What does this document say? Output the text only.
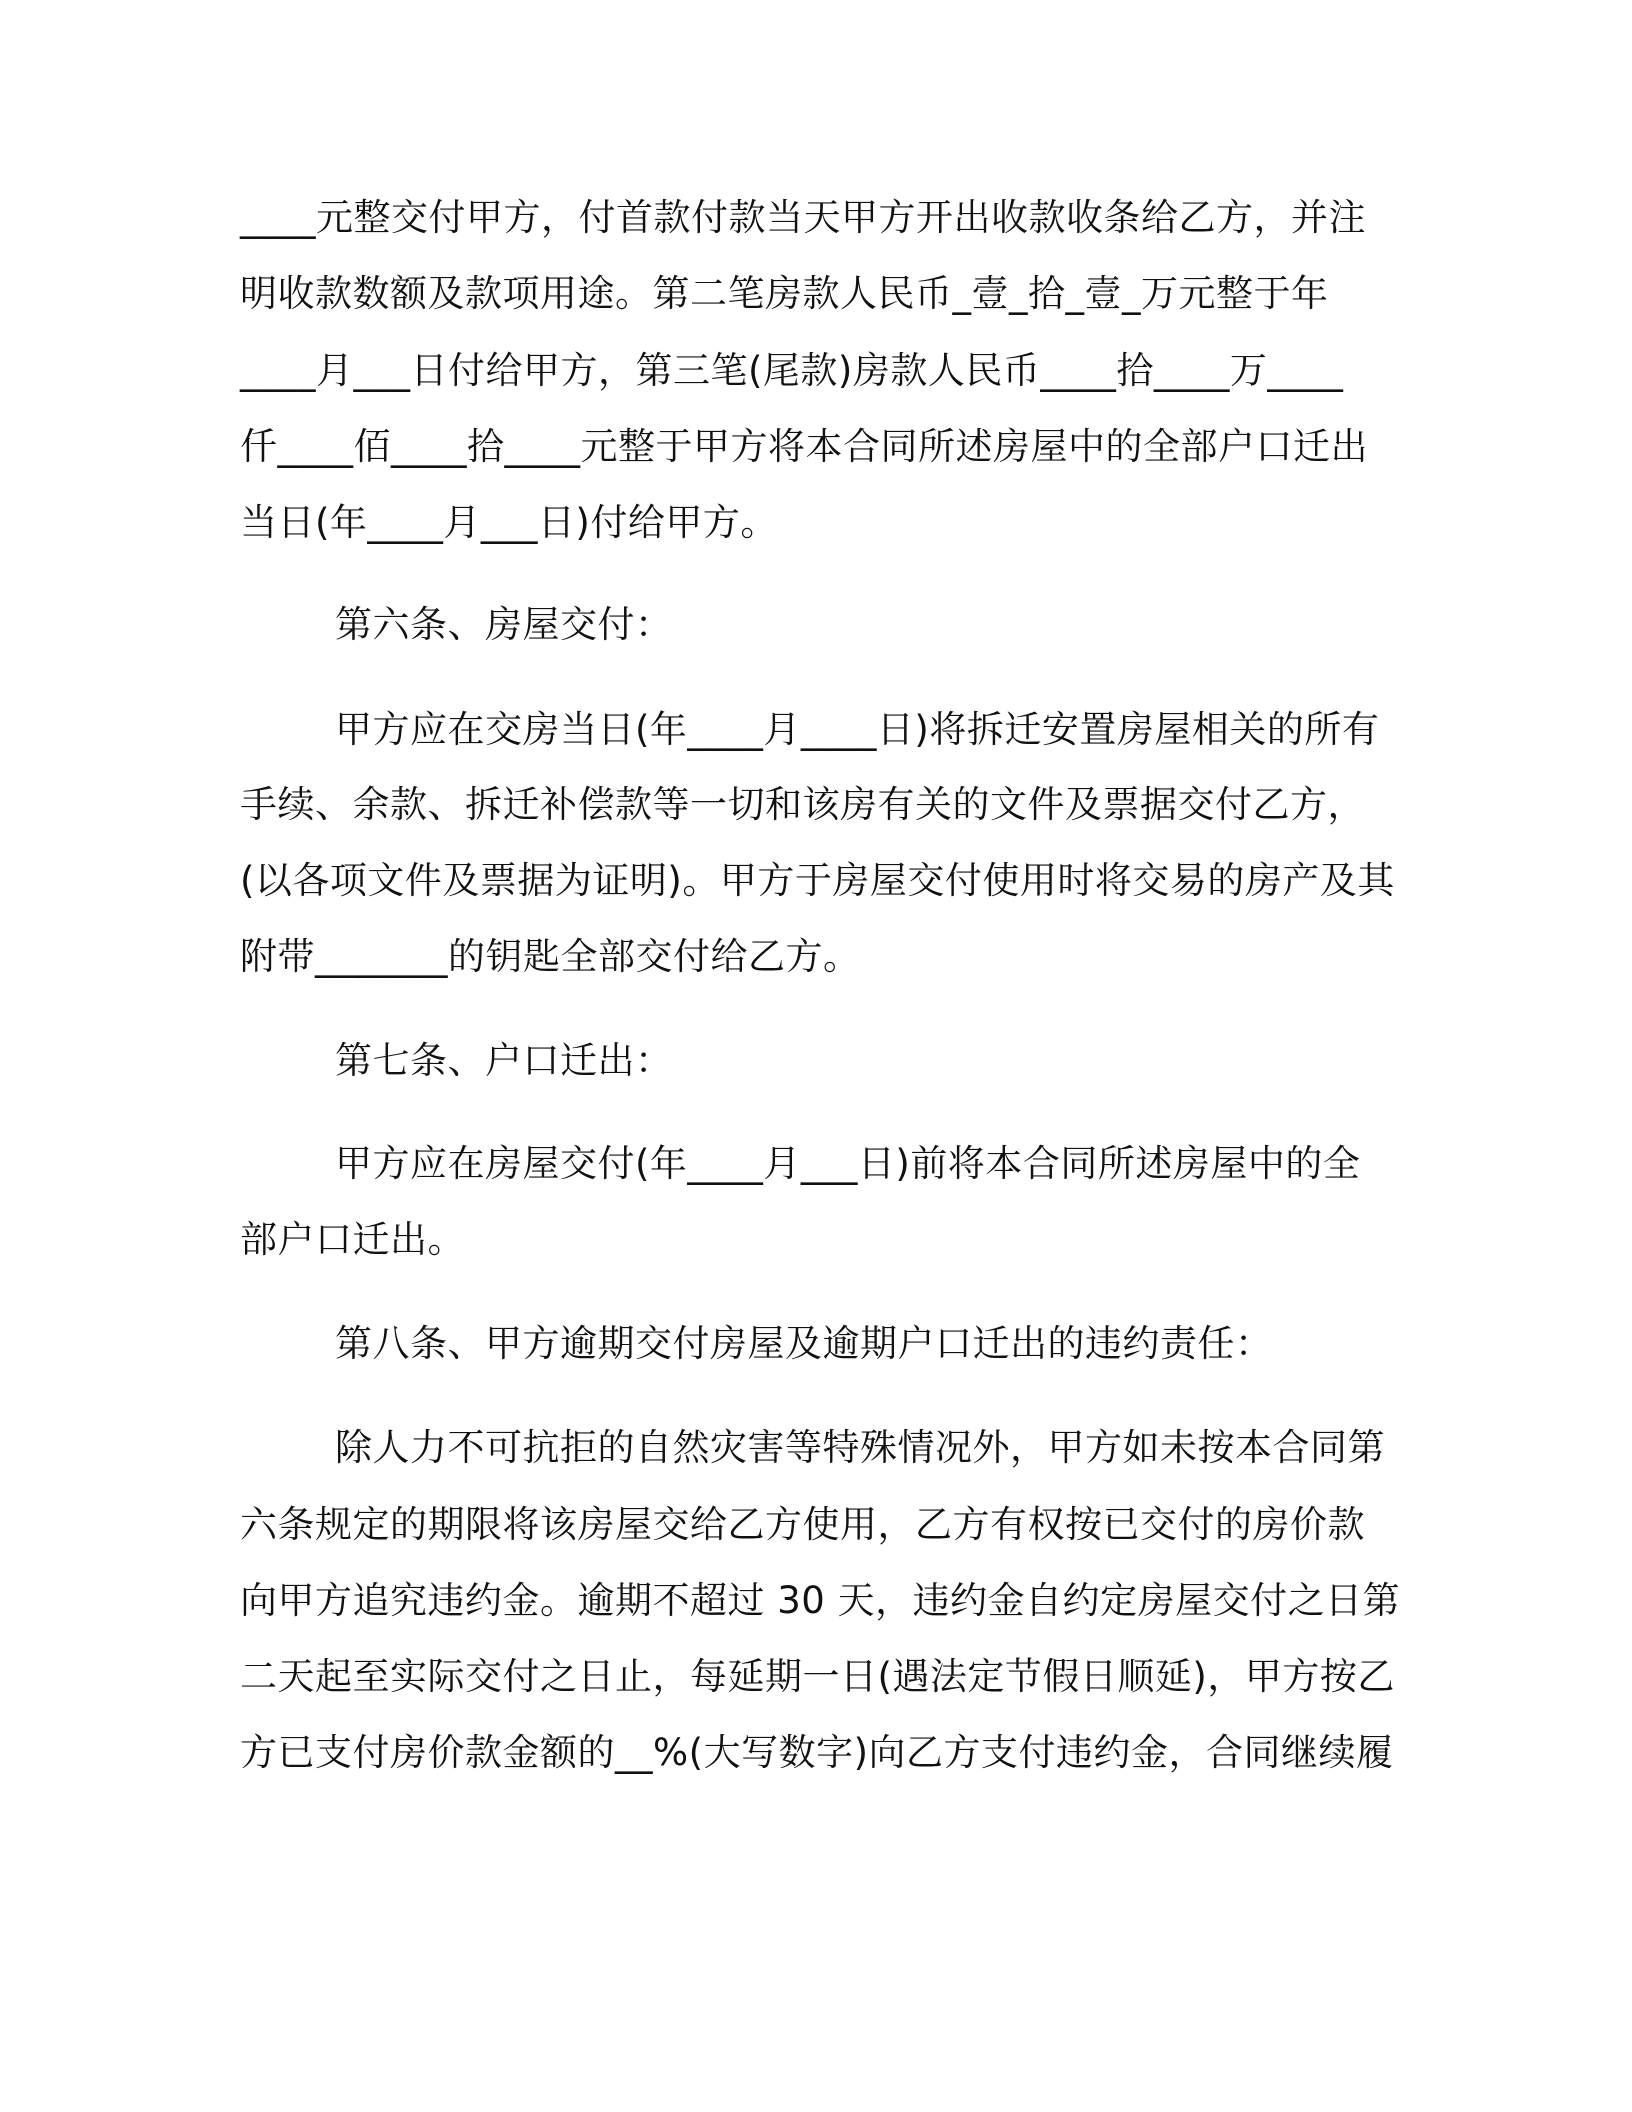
____元整交付甲方，付首款付款当天甲方开出收款收条给乙方，并注
明收款数额及款项用途。第二笔房款人民币_壹_拾_壹_万元整于年
____月___日付给甲方，第三笔(尾款)房款人民币____拾____万____
仟____佰____拾____元整于甲方将本合同所述房屋中的全部户口迁出
当日(年____月___日)付给甲方。
第六条、房屋交付：
甲方应在交房当日(年____月____日)将拆迁安置房屋相关的所有
手续、余款、拆迁补偿款等一切和该房有关的文件及票据交付乙方，
(以各项文件及票据为证明)。甲方于房屋交付使用时将交易的房产及其
附带_______的钥匙全部交付给乙方。
第七条、户口迁出：
甲方应在房屋交付(年____月___日)前将本合同所述房屋中的全
部户口迁出。
第八条、甲方逾期交付房屋及逾期户口迁出的违约责任：
除人力不可抗拒的自然灾害等特殊情况外，甲方如未按本合同第
六条规定的期限将该房屋交给乙方使用，乙方有权按已交付的房价款
向甲方追究违约金。逾期不超过 30 天，违约金自约定房屋交付之日第
二天起至实际交付之日止，每延期一日(遇法定节假日顺延)，甲方按乙
方已支付房价款金额的__%(大写数字)向乙方支付违约金，合同继续履
